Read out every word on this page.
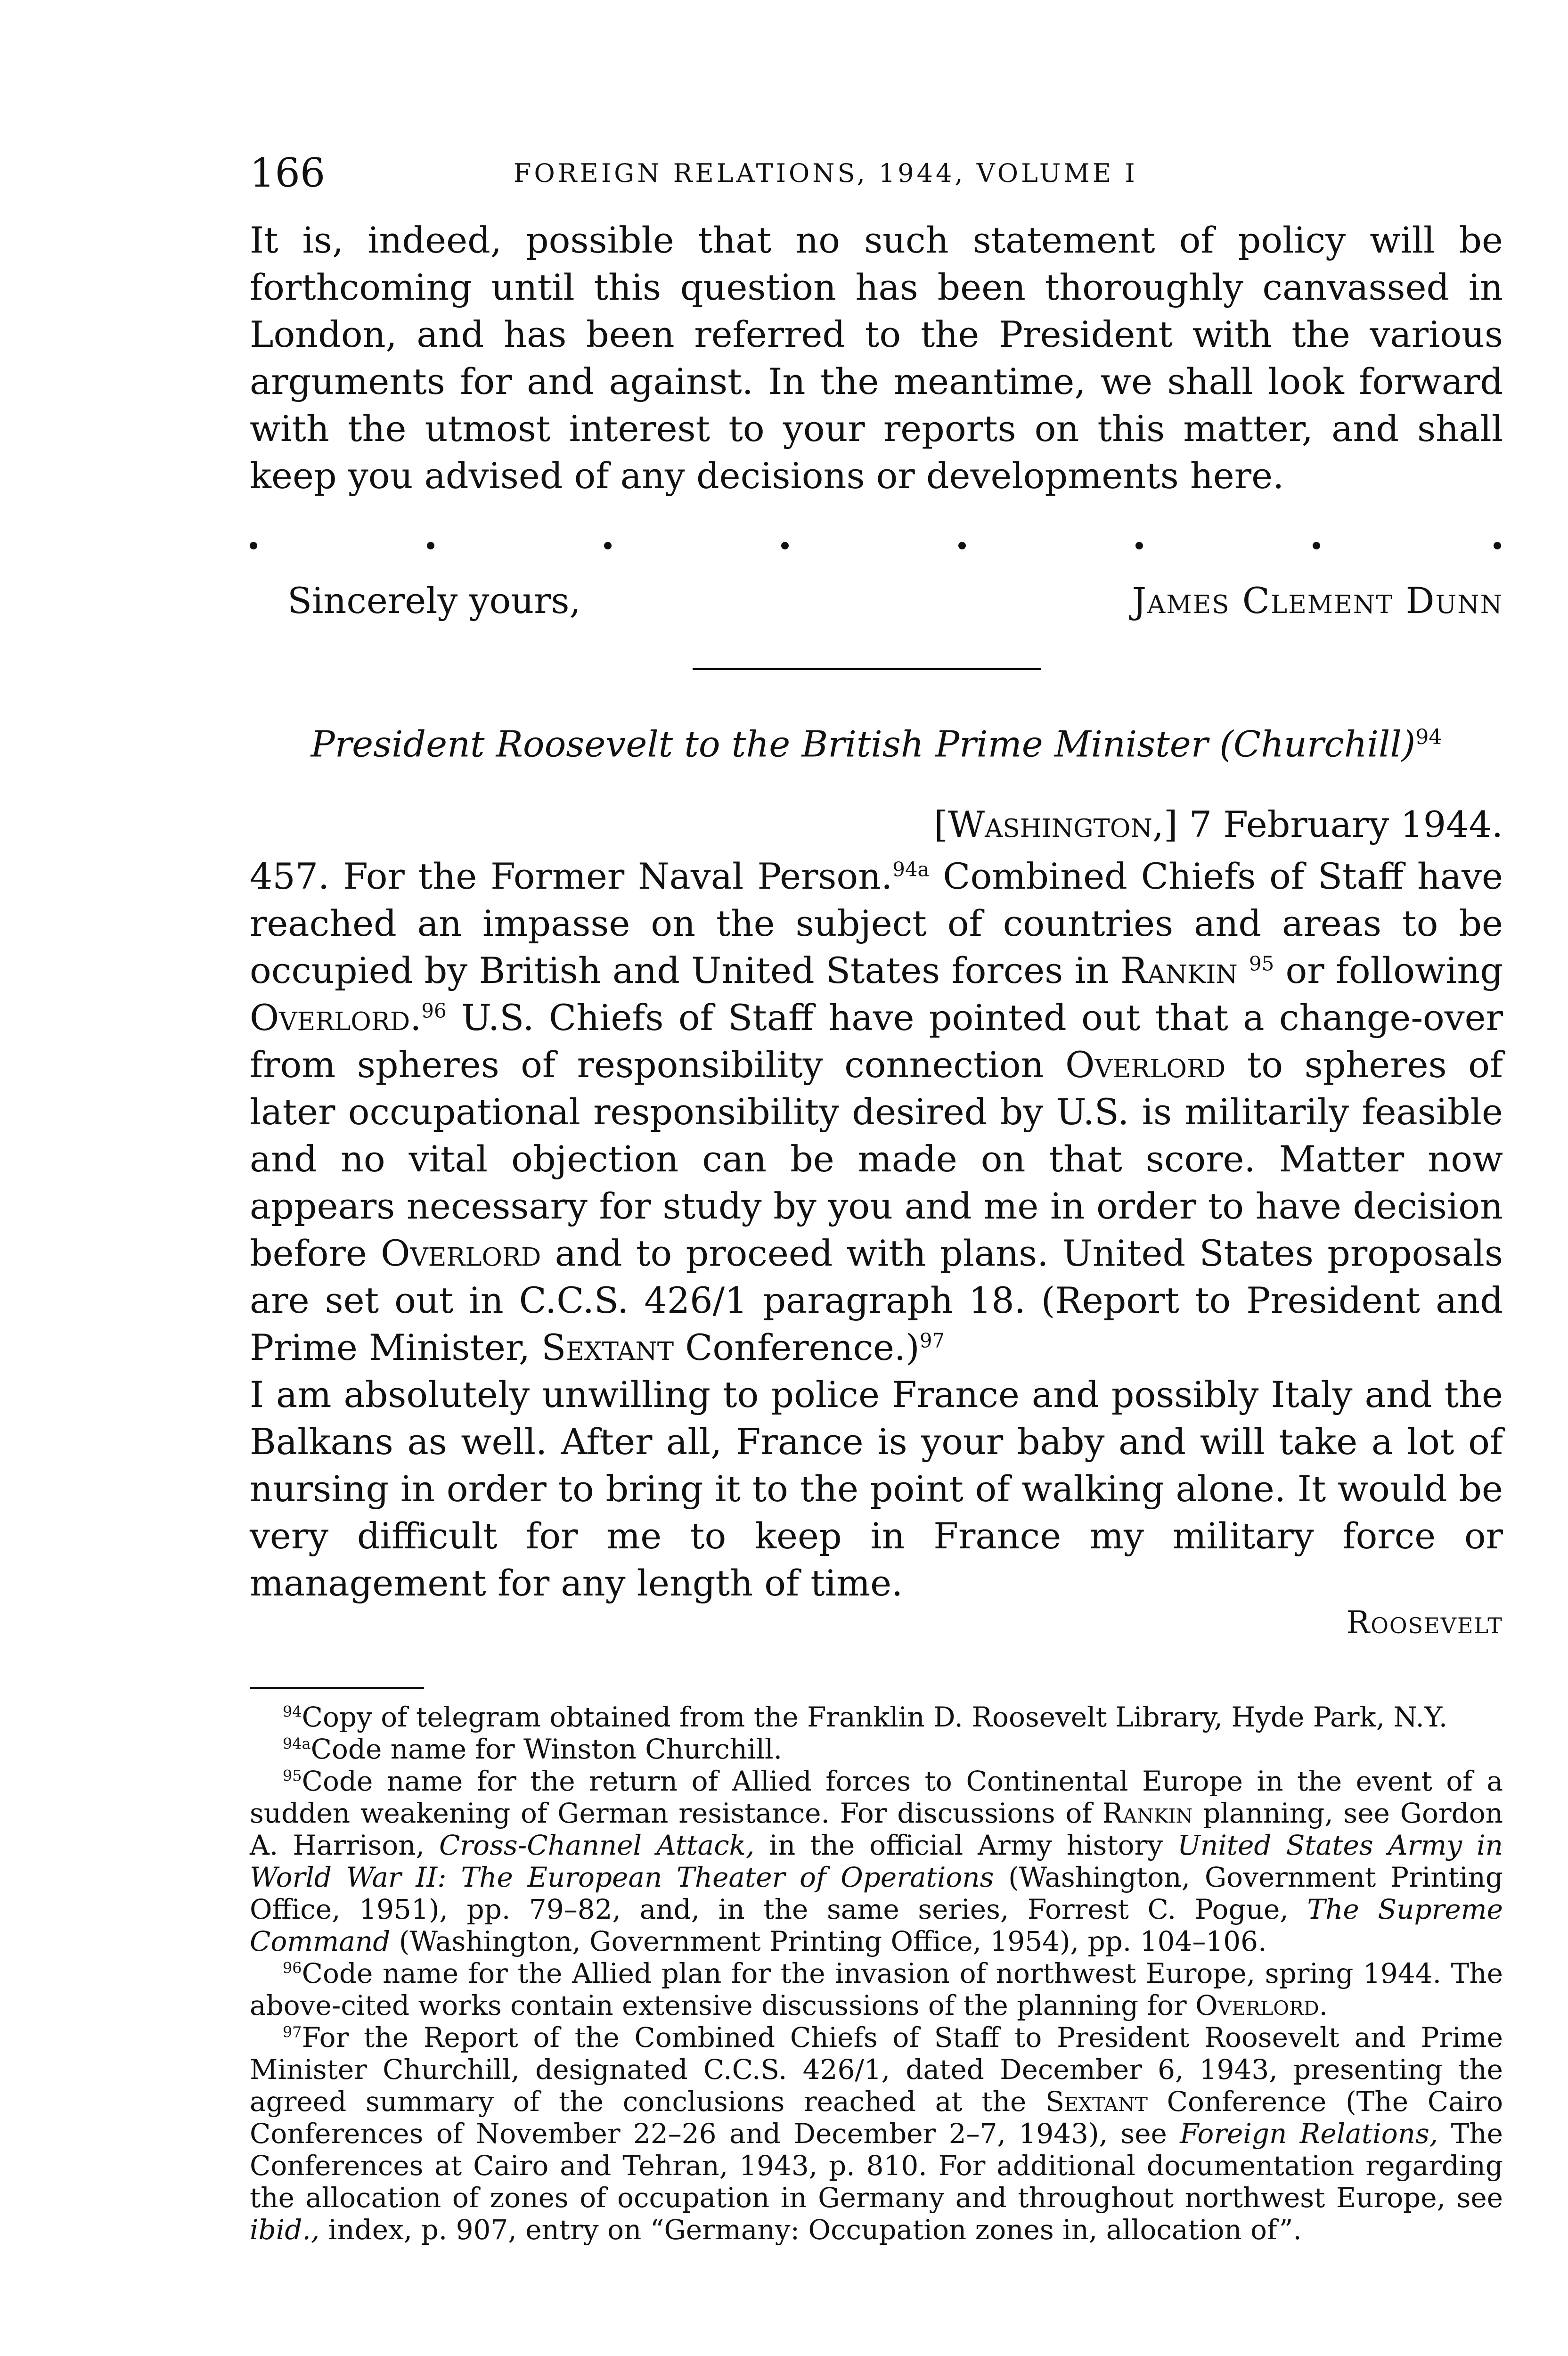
166	FOREIGN RELATIONS, 1944, VOLUME I

It is, indeed, possible that no such statement of policy will be forthcoming until this question has been thoroughly canvassed in London, and has been referred to the President with the various arguments for and against. In the meantime, we shall look forward with the utmost interest to your reports on this matter, and shall keep you advised of any decisions or developments here.

Sincerely yours,	James Clement Dunn
President Roosevelt to the British Prime Minister (Churchill)$^{94}$
[Washington,] 7 February 1944.

457. For the Former Naval Person.$^{94a}$ Combined Chiefs of Staff have reached an impasse on the subject of countries and areas to be occupied by British and United States forces in Rankin $^{95}$ or following Overlord.$^{96}$ U.S. Chiefs of Staff have pointed out that a change-over from spheres of responsibility connection Overlord to spheres of later occupational responsibility desired by U.S. is militarily feasible and no vital objection can be made on that score. Matter now appears necessary for study by you and me in order to have decision before Overlord and to proceed with plans. United States proposals are set out in C.C.S. 426/1 paragraph 18. (Report to President and Prime Minister, Sextant Conference.)$^{97}$

I am absolutely unwilling to police France and possibly Italy and the Balkans as well. After all, France is your baby and will take a lot of nursing in order to bring it to the point of walking alone. It would be very difficult for me to keep in France my military force or management for any length of time.

Roosevelt

$^{94}$Copy of telegram obtained from the Franklin D. Roosevelt Library, Hyde Park, N.Y.

$^{94a}$Code name for Winston Churchill.

$^{95}$Code name for the return of Allied forces to Continental Europe in the event of a sudden weakening of German resistance. For discussions of Rankin planning, see Gordon A. Harrison, Cross-Channel Attack, in the official Army history United States Army in World War II: The European Theater of Operations (Washington, Government Printing Office, 1951), pp. 79–82, and, in the same series, Forrest C. Pogue, The Supreme Command (Washington, Government Printing Office, 1954), pp. 104–106.

$^{96}$Code name for the Allied plan for the invasion of northwest Europe, spring 1944. The above-cited works contain extensive discussions of the planning for Overlord.

$^{97}$For the Report of the Combined Chiefs of Staff to President Roosevelt and Prime Minister Churchill, designated C.C.S. 426/1, dated December 6, 1943, presenting the agreed summary of the conclusions reached at the Sextant Conference (The Cairo Conferences of November 22–26 and December 2–7, 1943), see Foreign Relations, The Conferences at Cairo and Tehran, 1943, p. 810. For additional documentation regarding the allocation of zones of occupation in Germany and throughout northwest Europe, see ibid., index, p. 907, entry on “Germany: Occupation zones in, allocation of”.
